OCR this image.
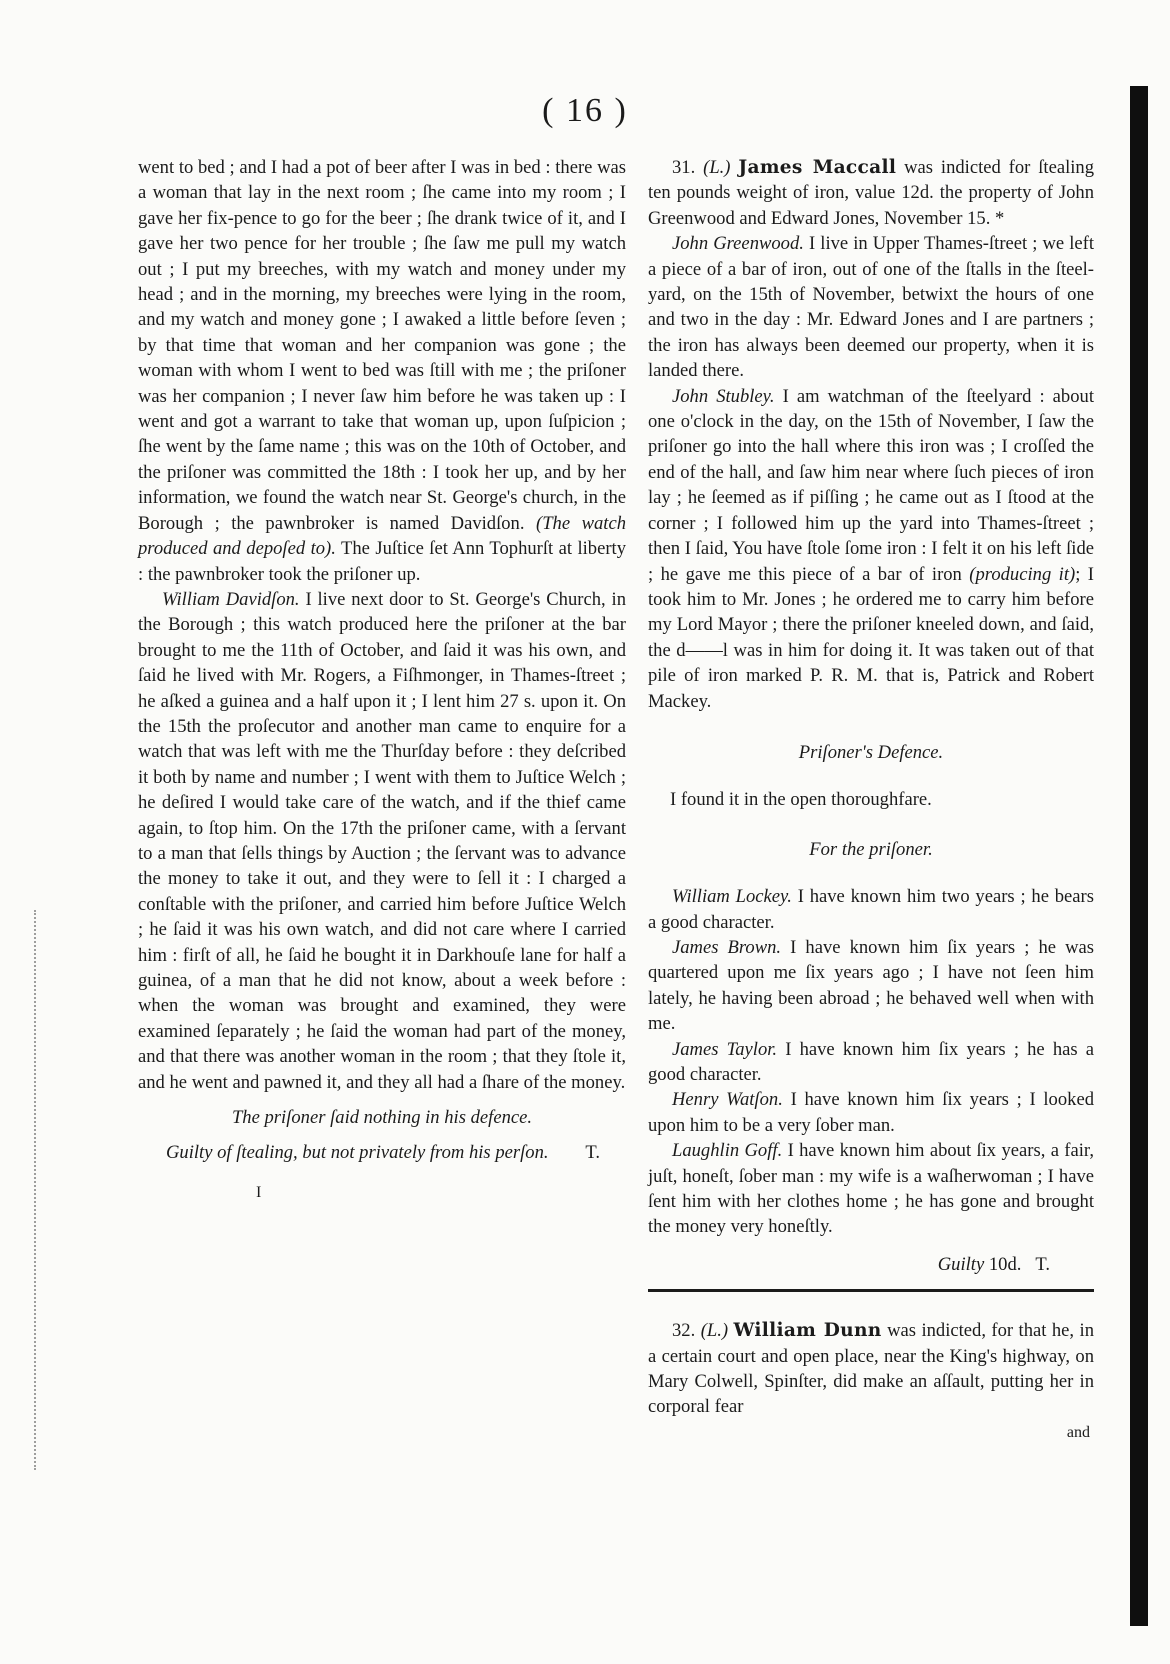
( 16 )

went to bed ; and I had a pot of beer after I was in bed : there was a woman that lay in the next room ; ſhe came into my room ; I gave her fix-pence to go for the beer ; ſhe drank twice of it, and I gave her two pence for her trouble ; ſhe ſaw me pull my watch out ; I put my breeches, with my watch and money under my head ; and in the morning, my breeches were lying in the room, and my watch and money gone ; I awaked a little before ſeven ; by that time that woman and her companion was gone ; the woman with whom I went to bed was ſtill with me ; the priſoner was her companion ; I never ſaw him before he was taken up : I went and got a warrant to take that woman up, upon ſuſpicion ; ſhe went by the ſame name ; this was on the 10th of October, and the priſoner was committed the 18th : I took her up, and by her information, we found the watch near St. George's church, in the Borough ; the pawnbroker is named Davidſon. (The watch produced and depoſed to). The Juſtice ſet Ann Tophurſt at liberty : the pawnbroker took the priſoner up.

William Davidſon. I live next door to St. George's Church, in the Borough ; this watch produced here the priſoner at the bar brought to me the 11th of October, and ſaid it was his own, and ſaid he lived with Mr. Rogers, a Fiſhmonger, in Thames-ſtreet ; he aſked a guinea and a half upon it ; I lent him 27 s. upon it. On the 15th the proſecutor and another man came to enquire for a watch that was left with me the Thurſday before : they deſcribed it both by name and number ; I went with them to Juſtice Welch ; he deſired I would take care of the watch, and if the thief came again, to ſtop him. On the 17th the priſoner came, with a ſervant to a man that ſells things by Auction ; the ſervant was to advance the money to take it out, and they were to ſell it : I charged a conſtable with the priſoner, and carried him before Juſtice Welch ; he ſaid it was his own watch, and did not care where I carried him : firſt of all, he ſaid he bought it in Darkhouſe lane for half a guinea, of a man that he did not know, about a week before : when the woman was brought and examined, they were examined ſeparately ; he ſaid the woman had part of the money, and that there was another woman in the room ; that they ſtole it, and he went and pawned it, and they all had a ſhare of the money.

The priſoner ſaid nothing in his defence.

T.
Guilty of ſtealing, but not privately from his perſon.

I

31. (L.) James Maccall was indicted for ſtealing ten pounds weight of iron, value 12d. the property of John Greenwood and Edward Jones, November 15. *

John Greenwood. I live in Upper Thames-ſtreet ; we left a piece of a bar of iron, out of one of the ſtalls in the ſteel-yard, on the 15th of November, betwixt the hours of one and two in the day : Mr. Edward Jones and I are partners ; the iron has always been deemed our property, when it is landed there.

John Stubley. I am watchman of the ſteelyard : about one o'clock in the day, on the 15th of November, I ſaw the priſoner go into the hall where this iron was ; I croſſed the end of the hall, and ſaw him near where ſuch pieces of iron lay ; he ſeemed as if piſſing ; he came out as I ſtood at the corner ; I followed him up the yard into Thames-ſtreet ; then I ſaid, You have ſtole ſome iron : I felt it on his left ſide ; he gave me this piece of a bar of iron (producing it); I took him to Mr. Jones ; he ordered me to carry him before my Lord Mayor ; there the priſoner kneeled down, and ſaid, the d——l was in him for doing it. It was taken out of that pile of iron marked P. R. M. that is, Patrick and Robert Mackey.

Priſoner's Defence.

I found it in the open thoroughfare.

For the priſoner.

William Lockey. I have known him two years ; he bears a good character.

James Brown. I have known him ſix years ; he was quartered upon me ſix years ago ; I have not ſeen him lately, he having been abroad ; he behaved well when with me.

James Taylor. I have known him ſix years ; he has a good character.

Henry Watſon. I have known him ſix years ; I looked upon him to be a very ſober man.

Laughlin Goff. I have known him about ſix years, a fair, juſt, honeſt, ſober man : my wife is a waſherwoman ; I have ſent him with her clothes home ; he has gone and brought the money very honeſtly.

Guilty 10d. T.

32. (L.) William Dunn was indicted, for that he, in a certain court and open place, near the King's highway, on Mary Colwell, Spinſter, did make an aſſault, putting her in corporal fear

and
